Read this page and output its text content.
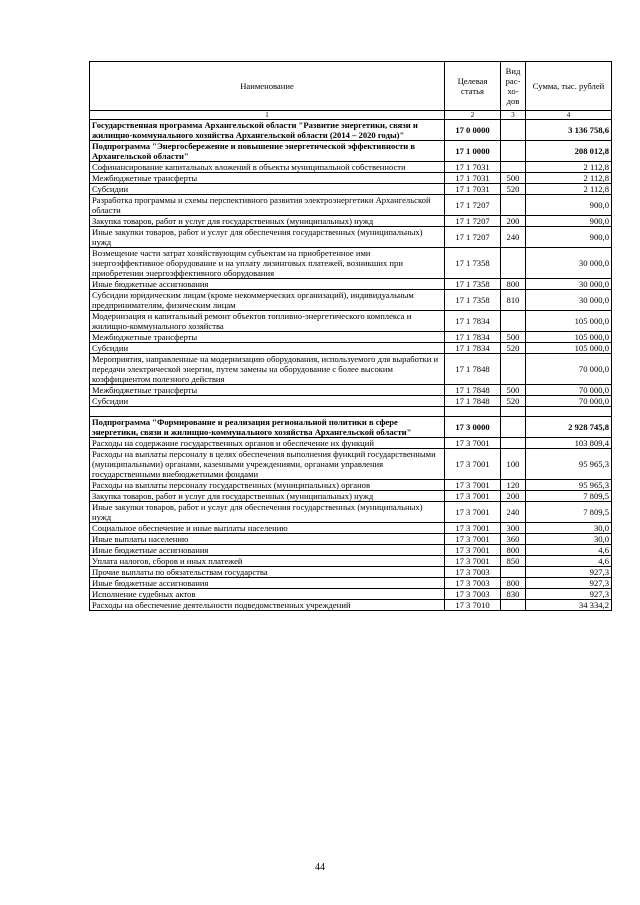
Наименование	Целевая статья	Вид рас-хо-дов	Сумма, тыс. рублей
1	2	3	4
Государственная программа Архангельской области "Развитие энергетики, связи и жилищно-коммунального хозяйства Архангельской области (2014 – 2020 годы)"	17 0 0000		3 136 758,6
Подпрограмма "Энергосбережение и повышение энергетической эффективности в Архангельской области"	17 1 0000		208 012,8
Софинансирование капитальных вложений в объекты муниципальной собственности	17 1 7031		2 112,8
Межбюджетные трансферты	17 1 7031	500	2 112,8
Субсидии	17 1 7031	520	2 112,8
Разработка программы и схемы перспективного развития электроэнергетики Архангельской области	17 1 7207		900,0
Закупка товаров, работ и услуг для государственных (муниципальных) нужд	17 1 7207	200	900,0
Иные закупки товаров, работ и услуг для обеспечения государственных (муниципальных) нужд	17 1 7207	240	900,0
Возмещение части затрат хозяйствующим субъектам на приобретенное ими энергоэффективное оборудование и на уплату лизинговых платежей, возникших при приобретении энергоэффективного оборудования	17 1 7358		30 000,0
Иные бюджетные ассигнования	17 1 7358	800	30 000,0
Субсидии юридическим лицам (кроме некоммерческих организаций), индивидуальным предпринимателям, физическим лицам	17 1 7358	810	30 000,0
Модернизация и капитальный ремонт объектов топливно-энергетического комплекса и жилищно-коммунального хозяйства	17 1 7834		105 000,0
Межбюджетные трансферты	17 1 7834	500	105 000,0
Субсидии	17 1 7834	520	105 000,0
Мероприятия, направленные на модернизацию оборудования, используемого для выработки и передачи электрической энергии, путем замены на оборудование с более высоким коэффициентом полезного действия	17 1 7848		70 000,0
Межбюджетные трансферты	17 1 7848	500	70 000,0
Субсидии	17 1 7848	520	70 000,0

Подпрограмма "Формирование и реализация региональной политики в сфере энергетики, связи и жилищно-коммунального хозяйства Архангельской области"	17 3 0000		2 928 745,8
Расходы на содержание государственных органов и обеспечение их функций	17 3 7001		103 809,4
Расходы на выплаты персоналу в целях обеспечения выполнения функций государственными (муниципальными) органами, казенными учреждениями, органами управления государственными внебюджетными фондами	17 3 7001	100	95 965,3
Расходы на выплаты персоналу государственных (муниципальных) органов	17 3 7001	120	95 965,3
Закупка товаров, работ и услуг для государственных (муниципальных) нужд	17 3 7001	200	7 809,5
Иные закупки товаров, работ и услуг для обеспечения государственных (муниципальных) нужд	17 3 7001	240	7 809,5
Социальное обеспечение и иные выплаты населению	17 3 7001	300	30,0
Иные выплаты населению	17 3 7001	360	30,0
Иные бюджетные ассигнования	17 3 7001	800	4,6
Уплата налогов, сборов и иных платежей	17 3 7001	850	4,6
Прочие выплаты по обязательствам государства	17 3 7003		927,3
Иные бюджетные ассигнования	17 3 7003	800	927,3
Исполнение судебных актов	17 3 7003	830	927,3
Расходы на обеспечение деятельности подведомственных учреждений	17 3 7010		34 334,2
44
